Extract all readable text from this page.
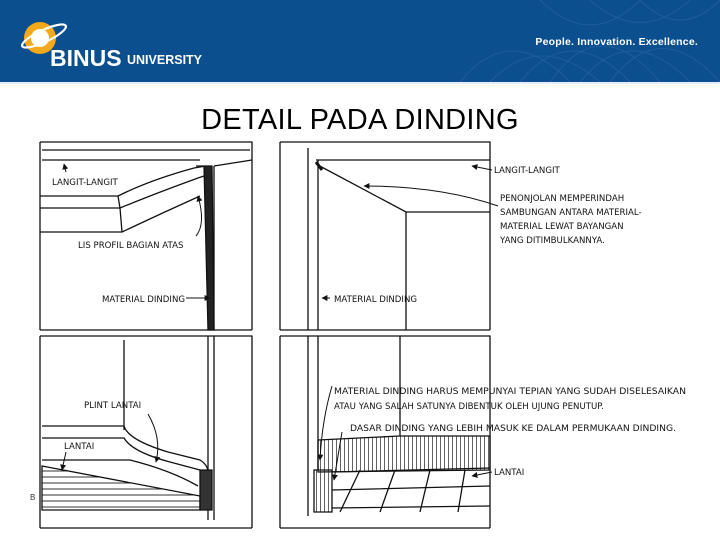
BINUS UNIVERSITY
People. Innovation. Excellence.
DETAIL PADA DINDING
LANGIT-LANGIT
LIS PROFIL BAGIAN ATAS
MATERIAL DINDING
PLINT LANTAI
LANTAI
LANGIT-LANGIT
PENONJOLAN MEMPERINDAH
SAMBUNGAN ANTARA MATERIAL-
MATERIAL LEWAT BAYANGAN
YANG DITIMBULKANNYA.
MATERIAL DINDING
MATERIAL DINDING HARUS MEMPUNYAI TEPIAN YANG SUDAH DISELESAIKAN
ATAU YANG SALAH SATUNYA DIBENTUK OLEH UJUNG PENUTUP.
DASAR DINDING YANG LEBIH MASUK KE DALAM PERMUKAAN DINDING.
LANTAI
B
